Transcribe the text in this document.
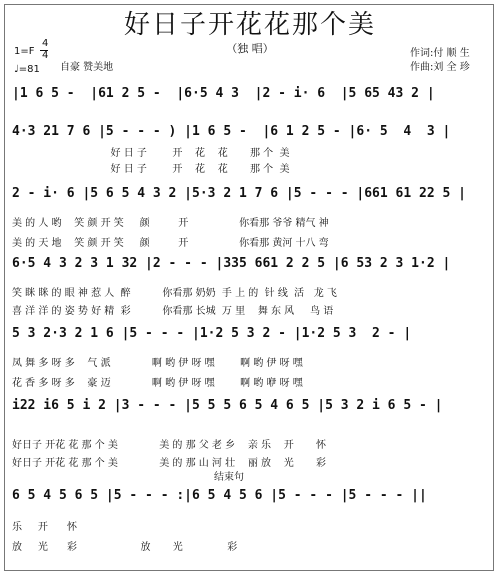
好日子开花花那个美
（独 唱）
1=F
4
4
♩=81 自豪 赞美地
作词:付 顺 生
作曲:刘 全 珍
|1 6 5 -  |61 2 5 -  |6·5 4 3  |2 - i· 6  |5 65 43 2 |
4·3 21 7 6 |5 - - - ) |1 6 5 -  |6 1 2 5 - |6· 5  4  3 |
好 日 子        开    花    花       那 个  美
好 日 子        开    花    花       那 个  美
2 - i· 6 |5 6 5 4 3 2 |5·3 2 1 7 6 |5 - - - |661 61 22 5 |
美 的 人 哟    笑 颜 开 笑     颜         开                你看那 爷爷 精气 神
美 的 天 地    笑 颜 开 笑     颜         开                你看那 黄河 十八 弯
6·5 4 3 2 3 1 32 |2 - - - |335 661 2 2 5 |6 53 2 3 1·2 |
笑 眯 眯 的 眼 神 惹 人  醉          你看那 奶奶  手 上 的  针 线  活   龙 飞
喜 洋 洋 的 姿 势 好 精  彩          你看那 长城  万 里    舞 东 风     鸟 语
5 3 2·3 2 1 6 |5 - - - |1·2 5 3 2 - |1·2 5 3  2 - |
凤 舞 多 呀 多    气 派             啊 哟 伊 呀 嘿        啊 哟 伊 呀 嘿
花 香 多 呀 多    豪 迈             啊 哟 伊 呀 嘿        啊 哟 咿 呀 嘿
i22 i6 5 i 2 |3 - - - |5 5 5 6 5 4 6 5 |5 3 2 i 6 5 - |
好日子 开花 花 那 个 美             美 的 那 父 老 乡    亲 乐    开       怀
好日子 开花 花 那 个 美             美 的 那 山 河 壮    丽 放    光       彩
结束句
6 5 4 5 6 5 |5 - - - :|6 5 4 5 6 |5 - - - |5 - - - ||
乐     开      怀
放     光      彩                    放       光              彩
